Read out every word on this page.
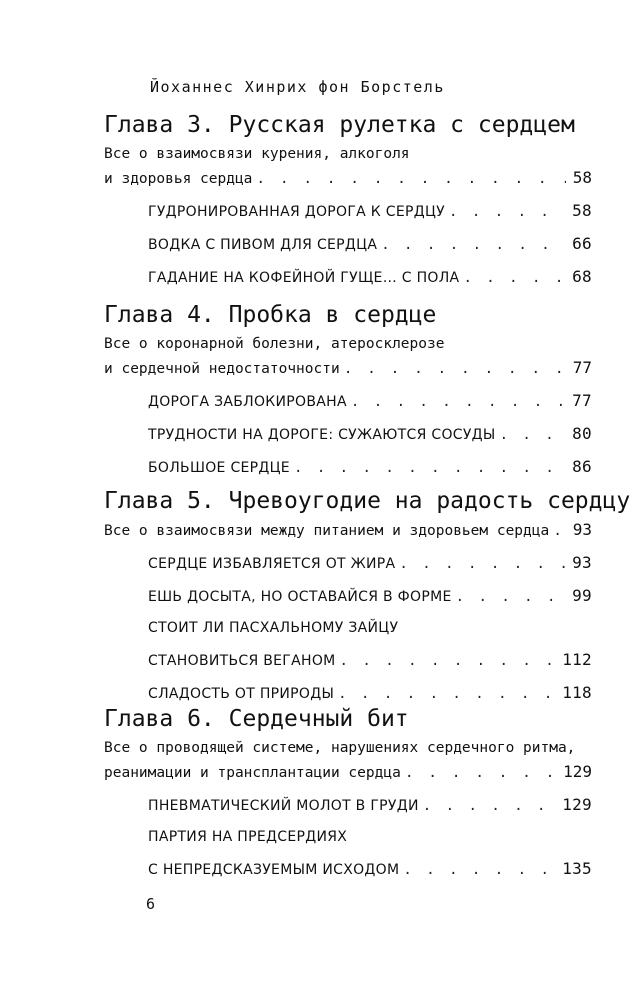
Йоханнес Хинрих фон Борстель
Глава 3. Русская рулетка с сердцем
Все о взаимосвязи курения, алкоголя
и здоровья сердца . . .	58
ГУДРОНИРОВАННАЯ ДОРОГА К СЕРДЦУ . . .	58
ВОДКА С ПИВОМ ДЛЯ СЕРДЦА . . .	66
ГАДАНИЕ НА КОФЕЙНОЙ ГУЩЕ… С ПОЛА . . .	68
Глава 4. Пробка в сердце
Все о коронарной болезни, атеросклерозе
и сердечной недостаточности . . .	77
ДОРОГА ЗАБЛОКИРОВАНА . . .	77
ТРУДНОСТИ НА ДОРОГЕ: СУЖАЮТСЯ СОСУДЫ . . .	80
БОЛЬШОЕ СЕРДЦЕ . . .	86
Глава 5. Чревоугодие на радость сердцу
Все о взаимосвязи между питанием и здоровьем сердца . . . 93
СЕРДЦЕ ИЗБАВЛЯЕТСЯ ОТ ЖИРА . . .	93
ЕШЬ ДОСЫТА, НО ОСТАВАЙСЯ В ФОРМЕ . . .	99
СТОИТ ЛИ ПАСХАЛЬНОМУ ЗАЙЦУ
СТАНОВИТЬСЯ ВЕГАНОМ . . .	112
СЛАДОСТЬ ОТ ПРИРОДЫ . . .	118
Глава 6. Сердечный бит
Все о проводящей системе, нарушениях сердечного ритма,
реанимации и трансплантации сердца . . .	129
ПНЕВМАТИЧЕСКИЙ МОЛОТ В ГРУДИ . . .	129
ПАРТИЯ НА ПРЕДСЕРДИЯХ
С НЕПРЕДСКАЗУЕМЫМ ИСХОДОМ . . .	135
6
